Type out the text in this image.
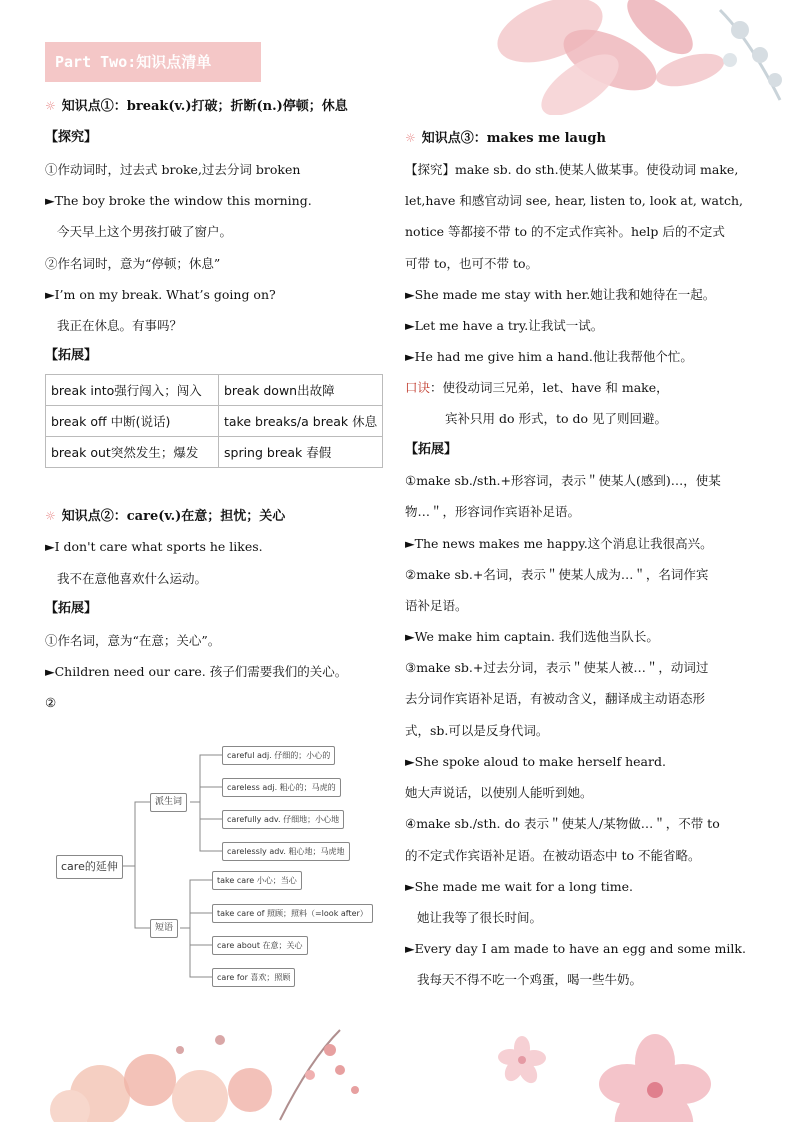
Part Two:知识点清单
☼ 知识点①：break(v.)打破；折断(n.)停顿；休息
【探究】
①作动词时，过去式 broke,过去分词 broken
►The boy broke the window this morning.
今天早上这个男孩打破了窗户。
②作名词时，意为“停顿；休息”
►I’m on my break. What’s going on?
我正在休息。有事吗？
【拓展】
break into强行闯入；闯入	break down出故障
break off 中断(说话)	take breaks/a break 休息
break out突然发生；爆发	spring break 春假
☼ 知识点②：care(v.)在意；担忧；关心
►I don't care what sports he likes.
我不在意他喜欢什么运动。
【拓展】
①作名词，意为“在意；关心”。
►Children need our care. 孩子们需要我们的关心。
②
care的延伸
派生词
短语
careful adj. 仔细的；小心的
careless adj. 粗心的；马虎的
carefully adv. 仔细地；小心地
carelessly adv. 粗心地；马虎地
take care 小心；当心
take care of 照顾；照料（=look after）
care about 在意；关心
care for 喜欢；照顾
☼ 知识点③：makes me laugh
【探究】make sb. do sth.使某人做某事。使役动词 make,
let,have 和感官动词 see, hear, listen to, look at, watch,
notice 等都接不带 to 的不定式作宾补。help 后的不定式
可带 to，也可不带 to。
►She made me stay with her.她让我和她待在一起。
►Let me have a try.让我试一试。
►He had me give him a hand.他让我帮他个忙。
口诀：使役动词三兄弟，let、have 和 make，
宾补只用 do 形式，to do 见了则回避。
【拓展】
①make sb./sth.+形容词，表示＂使某人(感到)…，使某
物…＂，形容词作宾语补足语。
►The news makes me happy.这个消息让我很高兴。
②make sb.+名词，表示＂使某人成为…＂，名词作宾
语补足语。
►We make him captain. 我们选他当队长。
③make sb.+过去分词，表示＂使某人被…＂，动词过
去分词作宾语补足语，有被动含义，翻译成主动语态形
式，sb.可以是反身代词。
►She spoke aloud to make herself heard.
她大声说话，以使别人能听到她。
④make sb./sth. do 表示＂使某人/某物做…＂，不带 to
的不定式作宾语补足语。在被动语态中 to 不能省略。
►She made me wait for a long time.
她让我等了很长时间。
►Every day I am made to have an egg and some milk.
我每天不得不吃一个鸡蛋，喝一些牛奶。
